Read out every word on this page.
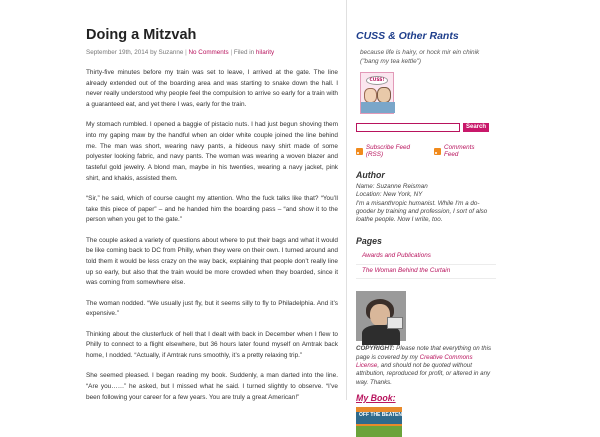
Doing a Mitzvah
September 19th, 2014 by Suzanne | No Comments | Filed in hilarity

Thirty-five minutes before my train was set to leave, I arrived at the gate. The line already extended out of the boarding area and was starting to snake down the hall. I never really understood why people feel the compulsion to arrive so early for a train with a guaranteed eat, and yet there I was, early for the train.

My stomach rumbled. I opened a baggie of pistacio nuts. I had just begun shoving them into my gaping maw by the handful when an older white couple joined the line behind me. The man was short, wearing navy pants, a hideous navy shirt made of some polyester looking fabric, and navy pants. The woman was wearing a woven blazer and tasteful gold jewelry. A blond man, maybe in his twenties, wearing a navy jacket, pink shirt, and khakis, assisted them.

“Sir,” he said, which of course caught my attention. Who the fuck talks like that? “You’ll take this piece of paper” – and he handed him the boarding pass – “and show it to the person when you get to the gate.”

The couple asked a variety of questions about where to put their bags and what it would be like coming back to DC from Philly, when they were on their own. I turned around and told them it would be less crazy on the way back, explaining that people don’t really line up so early, but also that the train would be more crowded when they boarded, since it was coming from somewhere else.

The woman nodded. “We usually just fly, but it seems silly to fly to Philadelphia. And it’s expensive.”

Thinking about the clusterfuck of hell that I dealt with back in December when I flew to Philly to connect to a flight elsewhere, but 36 hours later found myself on Amtrak back home, I nodded. “Actually, if Amtrak runs smoothly, it’s a pretty relaxing trip.”

She seemed pleased. I began reading my book. Suddenly, a man darted into the line. “Are you……” he asked, but I missed what he said. I turned slightly to observe. “I’ve been following your career for a few years. You are truly a great American!”

CUSS & Other Rants
because life is hairy, or hock mir ein chinik ("bang my tea kettle")
CUSS!
Search
Subscribe Feed (RSS)
Comments Feed
Author
Name: Suzanne Reisman
Location: New York, NY
I'm a misanthropic humanist. While I'm a do-gooder by training and profession, I sort of also loathe people. Now I write, too.
Pages
Awards and Publications
The Woman Behind the Curtain
COPYRIGHT: Please note that everything on this page is covered by my Creative Commons License, and should not be quoted without attribution, reproduced for profit, or altered in any way. Thanks.
My Book:
OFF THE BEATEN
